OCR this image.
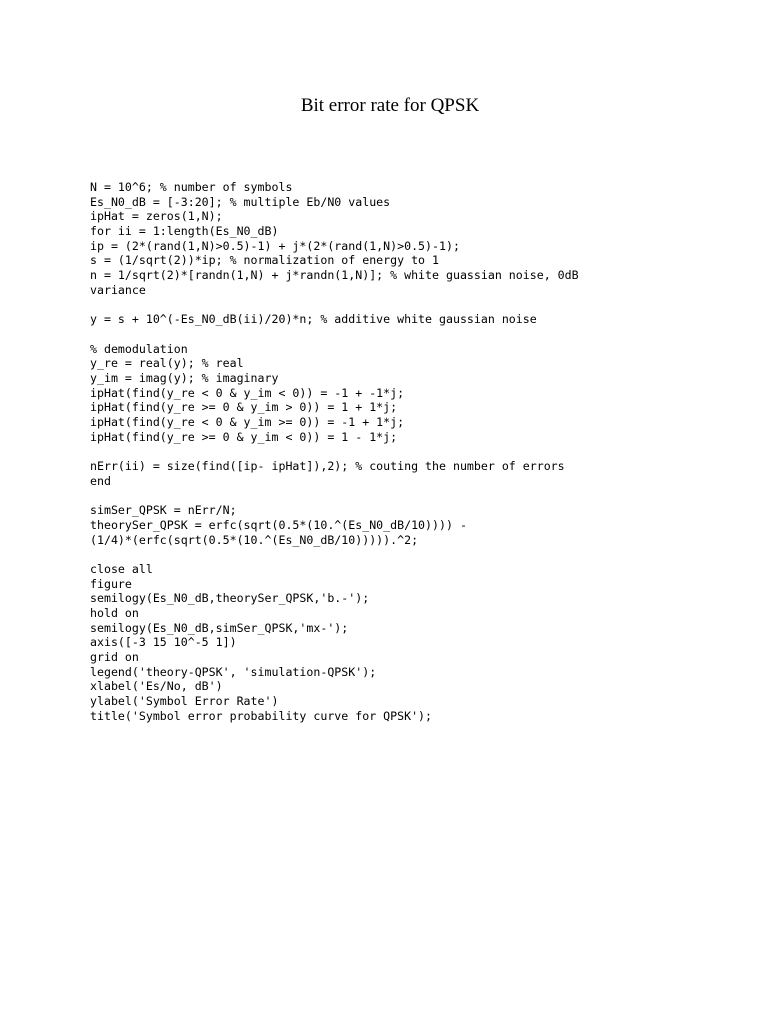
Bit error rate for QPSK
N = 10^6; % number of symbols
Es_N0_dB = [-3:20]; % multiple Eb/N0 values
ipHat = zeros(1,N);
for ii = 1:length(Es_N0_dB)
ip = (2*(rand(1,N)>0.5)-1) + j*(2*(rand(1,N)>0.5)-1);
s = (1/sqrt(2))*ip; % normalization of energy to 1
n = 1/sqrt(2)*[randn(1,N) + j*randn(1,N)]; % white guassian noise, 0dB
variance
y = s + 10^(-Es_N0_dB(ii)/20)*n; % additive white gaussian noise
% demodulation
y_re = real(y); % real
y_im = imag(y); % imaginary
ipHat(find(y_re < 0 & y_im < 0)) = -1 + -1*j;
ipHat(find(y_re >= 0 & y_im > 0)) = 1 + 1*j;
ipHat(find(y_re < 0 & y_im >= 0)) = -1 + 1*j;
ipHat(find(y_re >= 0 & y_im < 0)) = 1 - 1*j;
nErr(ii) = size(find([ip- ipHat]),2); % couting the number of errors
end
simSer_QPSK = nErr/N;
theorySer_QPSK = erfc(sqrt(0.5*(10.^(Es_N0_dB/10)))) -
(1/4)*(erfc(sqrt(0.5*(10.^(Es_N0_dB/10))))).^2;
close all
figure
semilogy(Es_N0_dB,theorySer_QPSK,'b.-');
hold on
semilogy(Es_N0_dB,simSer_QPSK,'mx-');
axis([-3 15 10^-5 1])
grid on
legend('theory-QPSK', 'simulation-QPSK');
xlabel('Es/No, dB')
ylabel('Symbol Error Rate')
title('Symbol error probability curve for QPSK');
